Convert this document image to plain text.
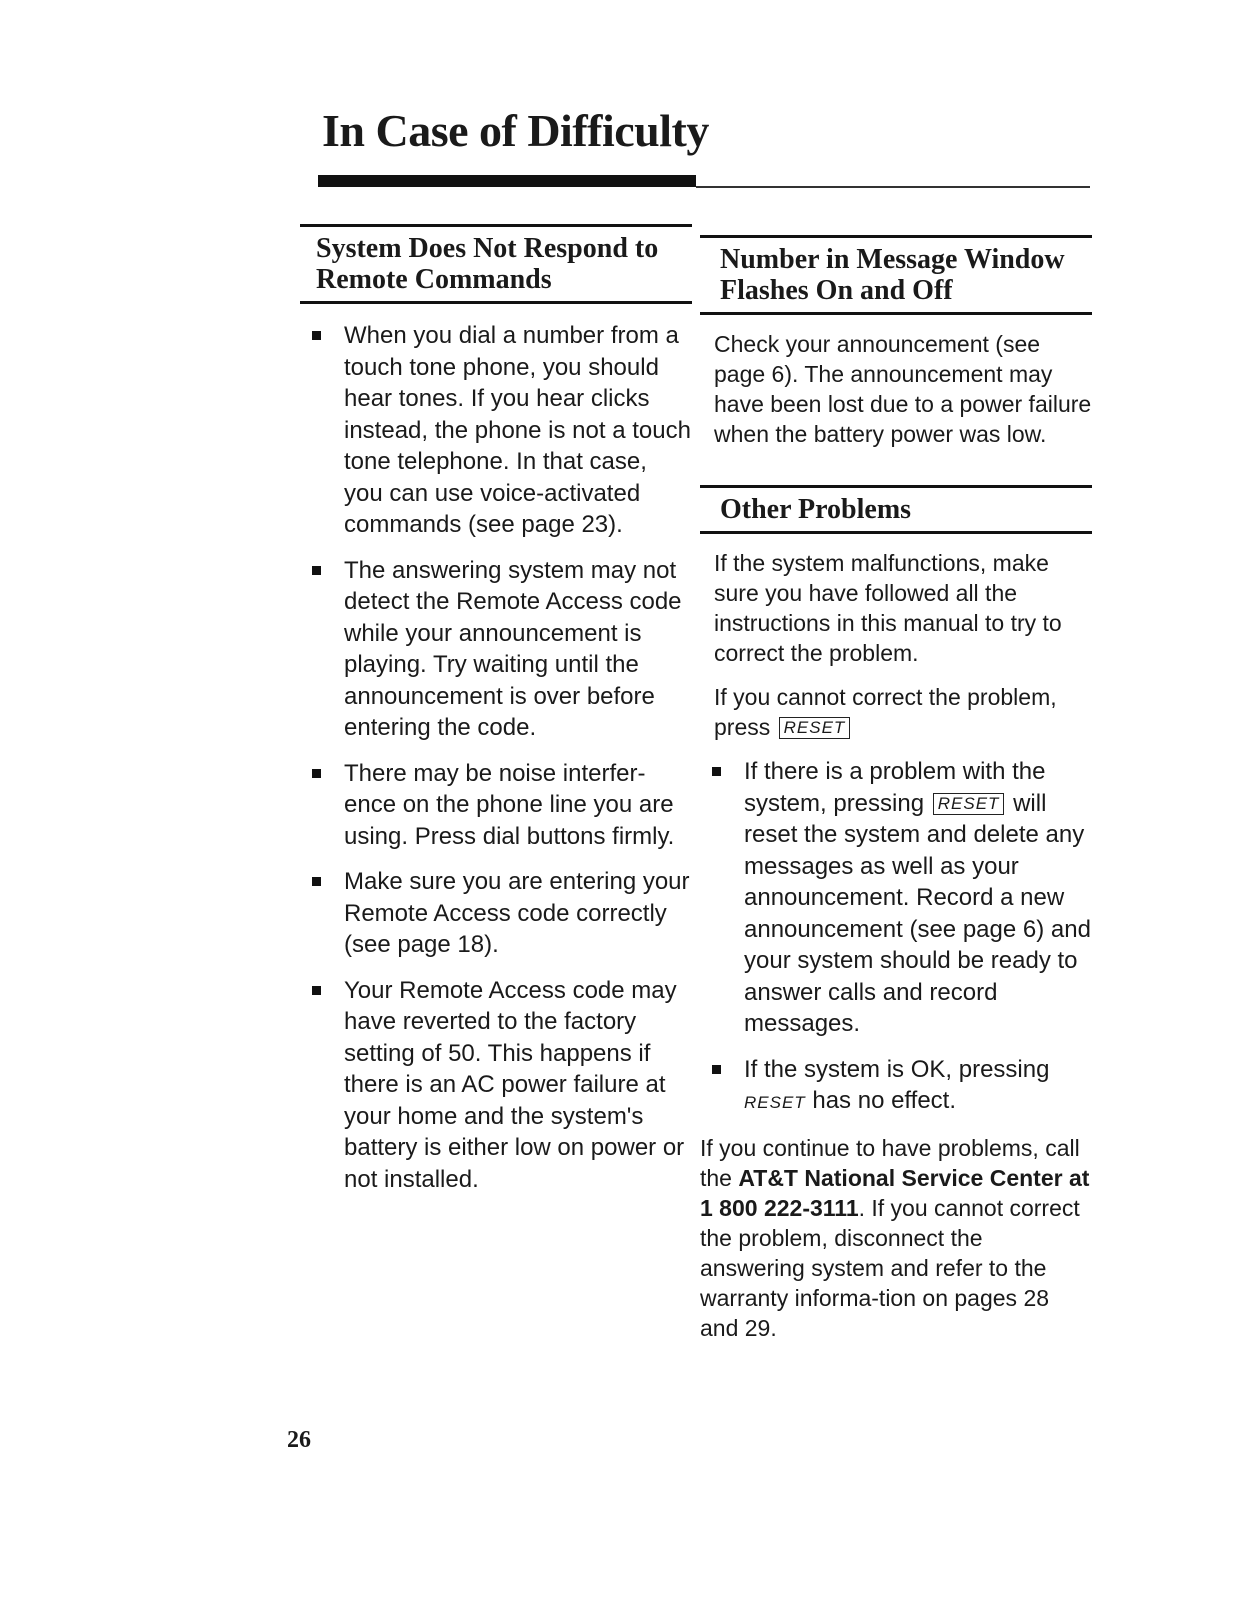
In Case of Difficulty
System Does Not Respond to Remote Commands
When you dial a number from a touch tone phone, you should hear tones. If you hear clicks instead, the phone is not a touch tone telephone. In that case, you can use voice-activated commands (see page 23).
The answering system may not detect the Remote Access code while your announcement is playing. Try waiting until the announcement is over before entering the code.
There may be noise interfer-ence on the phone line you are using. Press dial buttons firmly.
Make sure you are entering your Remote Access code correctly (see page 18).
Your Remote Access code may have reverted to the factory setting of 50. This happens if there is an AC power failure at your home and the system's battery is either low on power or not installed.
Number in Message Window Flashes On and Off

Check your announcement (see page 6). The announcement may have been lost due to a power failure when the battery power was low.

Other Problems

If the system malfunctions, make sure you have followed all the instructions in this manual to try to correct the problem.

If you cannot correct the problem, press RESET

If there is a problem with the system, pressing RESET will reset the system and delete any messages as well as your announcement. Record a new announcement (see page 6) and your system should be ready to answer calls and record messages.
If the system is OK, pressing RESET has no effect.

If you continue to have problems, call the AT&T National Service Center at 1 800 222-3111. If you cannot correct the problem, disconnect the answering system and refer to the warranty informa-tion on pages 28 and 29.

26
